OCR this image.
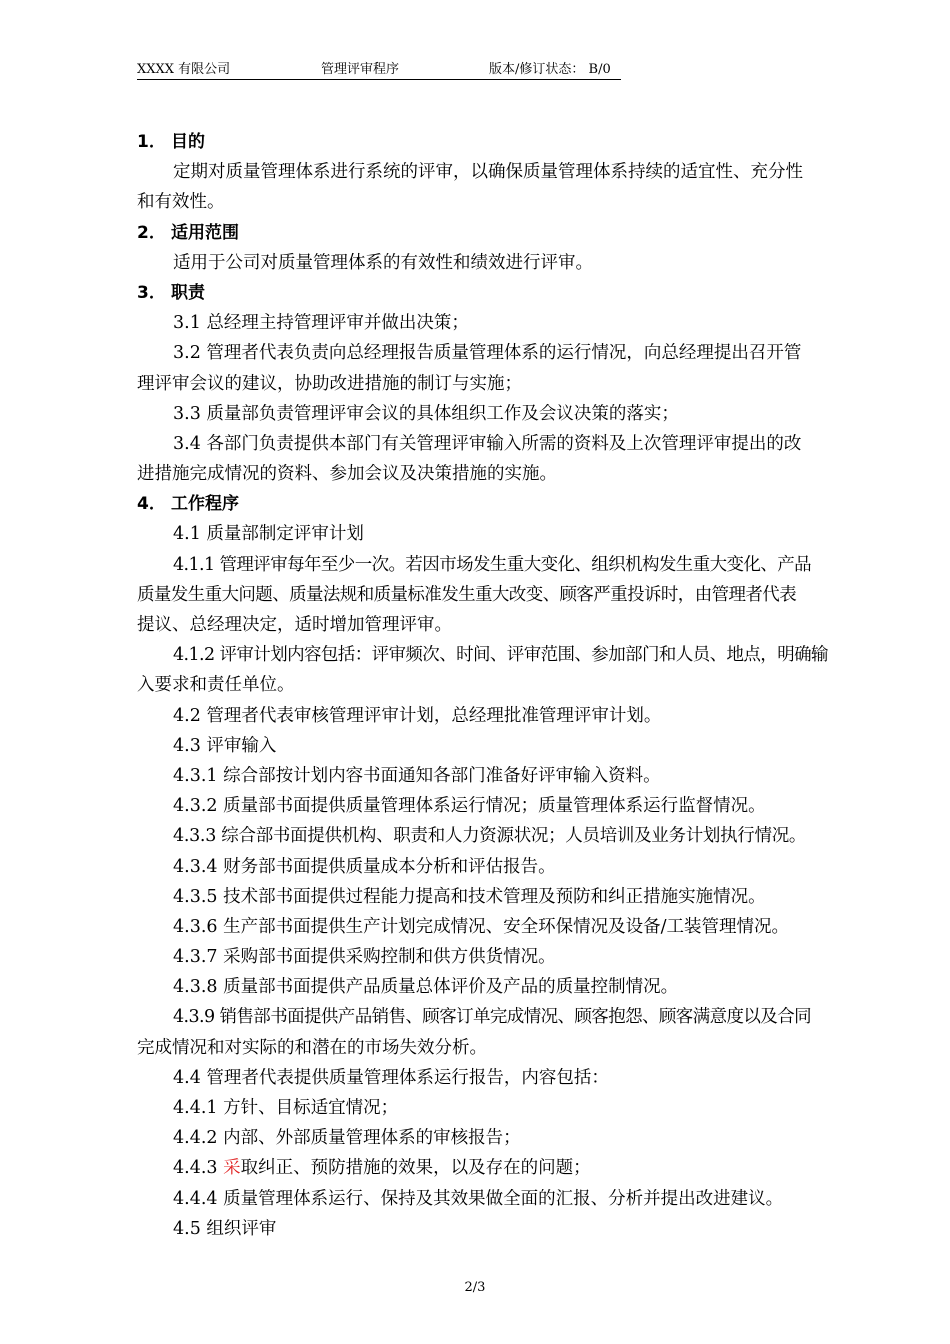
XXXX 有限公司	管理评审程序	版本/修订状态： B/0
1． 目的
定期对质量管理体系进行系统的评审，以确保质量管理体系持续的适宜性、充分性
和有效性。
2． 适用范围
适用于公司对质量管理体系的有效性和绩效进行评审。
3． 职责
3.1 总经理主持管理评审并做出决策；
3.2 管理者代表负责向总经理报告质量管理体系的运行情况，向总经理提出召开管
理评审会议的建议，协助改进措施的制订与实施；
3.3 质量部负责管理评审会议的具体组织工作及会议决策的落实；
3.4 各部门负责提供本部门有关管理评审输入所需的资料及上次管理评审提出的改
进措施完成情况的资料、参加会议及决策措施的实施。
4． 工作程序
4.1 质量部制定评审计划
4.1.1 管理评审每年至少一次。若因市场发生重大变化、组织机构发生重大变化、产品
质量发生重大问题、质量法规和质量标准发生重大改变、顾客严重投诉时，由管理者代表
提议、总经理决定，适时增加管理评审。
4.1.2 评审计划内容包括：评审频次、时间、评审范围、参加部门和人员、地点，明确输
入要求和责任单位。
4.2 管理者代表审核管理评审计划，总经理批准管理评审计划。
4.3 评审输入
4.3.1 综合部按计划内容书面通知各部门准备好评审输入资料。
4.3.2 质量部书面提供质量管理体系运行情况；质量管理体系运行监督情况。
4.3.3 综合部书面提供机构、职责和人力资源状况；人员培训及业务计划执行情况。
4.3.4 财务部书面提供质量成本分析和评估报告。
4.3.5 技术部书面提供过程能力提高和技术管理及预防和纠正措施实施情况。
4.3.6 生产部书面提供生产计划完成情况、安全环保情况及设备/工装管理情况。
4.3.7 采购部书面提供采购控制和供方供货情况。
4.3.8 质量部书面提供产品质量总体评价及产品的质量控制情况。
4.3.9 销售部书面提供产品销售、顾客订单完成情况、顾客抱怨、顾客满意度以及合同
完成情况和对实际的和潜在的市场失效分析。
4.4 管理者代表提供质量管理体系运行报告，内容包括：
4.4.1 方针、目标适宜情况；
4.4.2 内部、外部质量管理体系的审核报告；
4.4.3 采取纠正、预防措施的效果，以及存在的问题；
4.4.4 质量管理体系运行、保持及其效果做全面的汇报、分析并提出改进建议。
4.5 组织评审
2/3
